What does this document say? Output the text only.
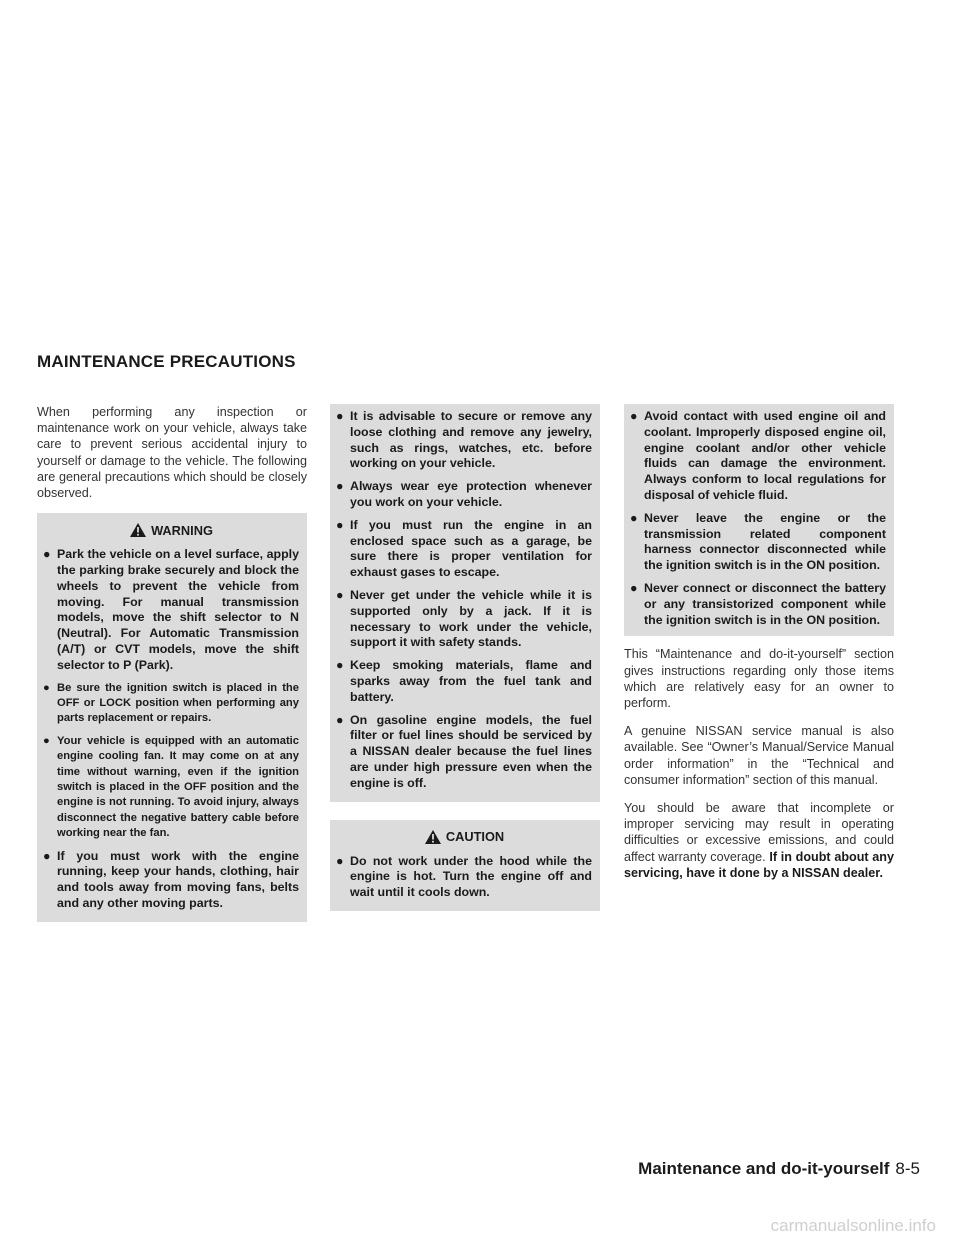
MAINTENANCE PRECAUTIONS

When performing any inspection or maintenance work on your vehicle, always take care to prevent serious accidental injury to yourself or damage to the vehicle. The following are general precautions which should be closely observed.

WARNING
● Park the vehicle on a level surface, apply the parking brake securely and block the wheels to prevent the vehicle from moving. For manual transmission models, move the shift selector to N (Neutral). For Automatic Transmission (A/T) or CVT models, move the shift selector to P (Park).
● Be sure the ignition switch is placed in the OFF or LOCK position when performing any parts replacement or repairs.
● Your vehicle is equipped with an automatic engine cooling fan. It may come on at any time without warning, even if the ignition switch is placed in the OFF position and the engine is not running. To avoid injury, always disconnect the negative battery cable before working near the fan.
● If you must work with the engine running, keep your hands, clothing, hair and tools away from moving fans, belts and any other moving parts.
● It is advisable to secure or remove any loose clothing and remove any jewelry, such as rings, watches, etc. before working on your vehicle.
● Always wear eye protection whenever you work on your vehicle.
● If you must run the engine in an enclosed space such as a garage, be sure there is proper ventilation for exhaust gases to escape.
● Never get under the vehicle while it is supported only by a jack. If it is necessary to work under the vehicle, support it with safety stands.
● Keep smoking materials, flame and sparks away from the fuel tank and battery.
● On gasoline engine models, the fuel filter or fuel lines should be serviced by a NISSAN dealer because the fuel lines are under high pressure even when the engine is off.
CAUTION
● Do not work under the hood while the engine is hot. Turn the engine off and wait until it cools down.
● Avoid contact with used engine oil and coolant. Improperly disposed engine oil, engine coolant and/or other vehicle fluids can damage the environment. Always conform to local regulations for disposal of vehicle fluid.
● Never leave the engine or the transmission related component harness connector disconnected while the ignition switch is in the ON position.
● Never connect or disconnect the battery or any transistorized component while the ignition switch is in the ON position.

This “Maintenance and do-it-yourself” section gives instructions regarding only those items which are relatively easy for an owner to perform.

A genuine NISSAN service manual is also available. See “Owner’s Manual/Service Manual order information” in the “Technical and consumer information” section of this manual.

You should be aware that incomplete or improper servicing may result in operating difficulties or excessive emissions, and could affect warranty coverage. If in doubt about any servicing, have it done by a NISSAN dealer.

Maintenance and do-it-yourself 8-5
carmanualsonline.info
